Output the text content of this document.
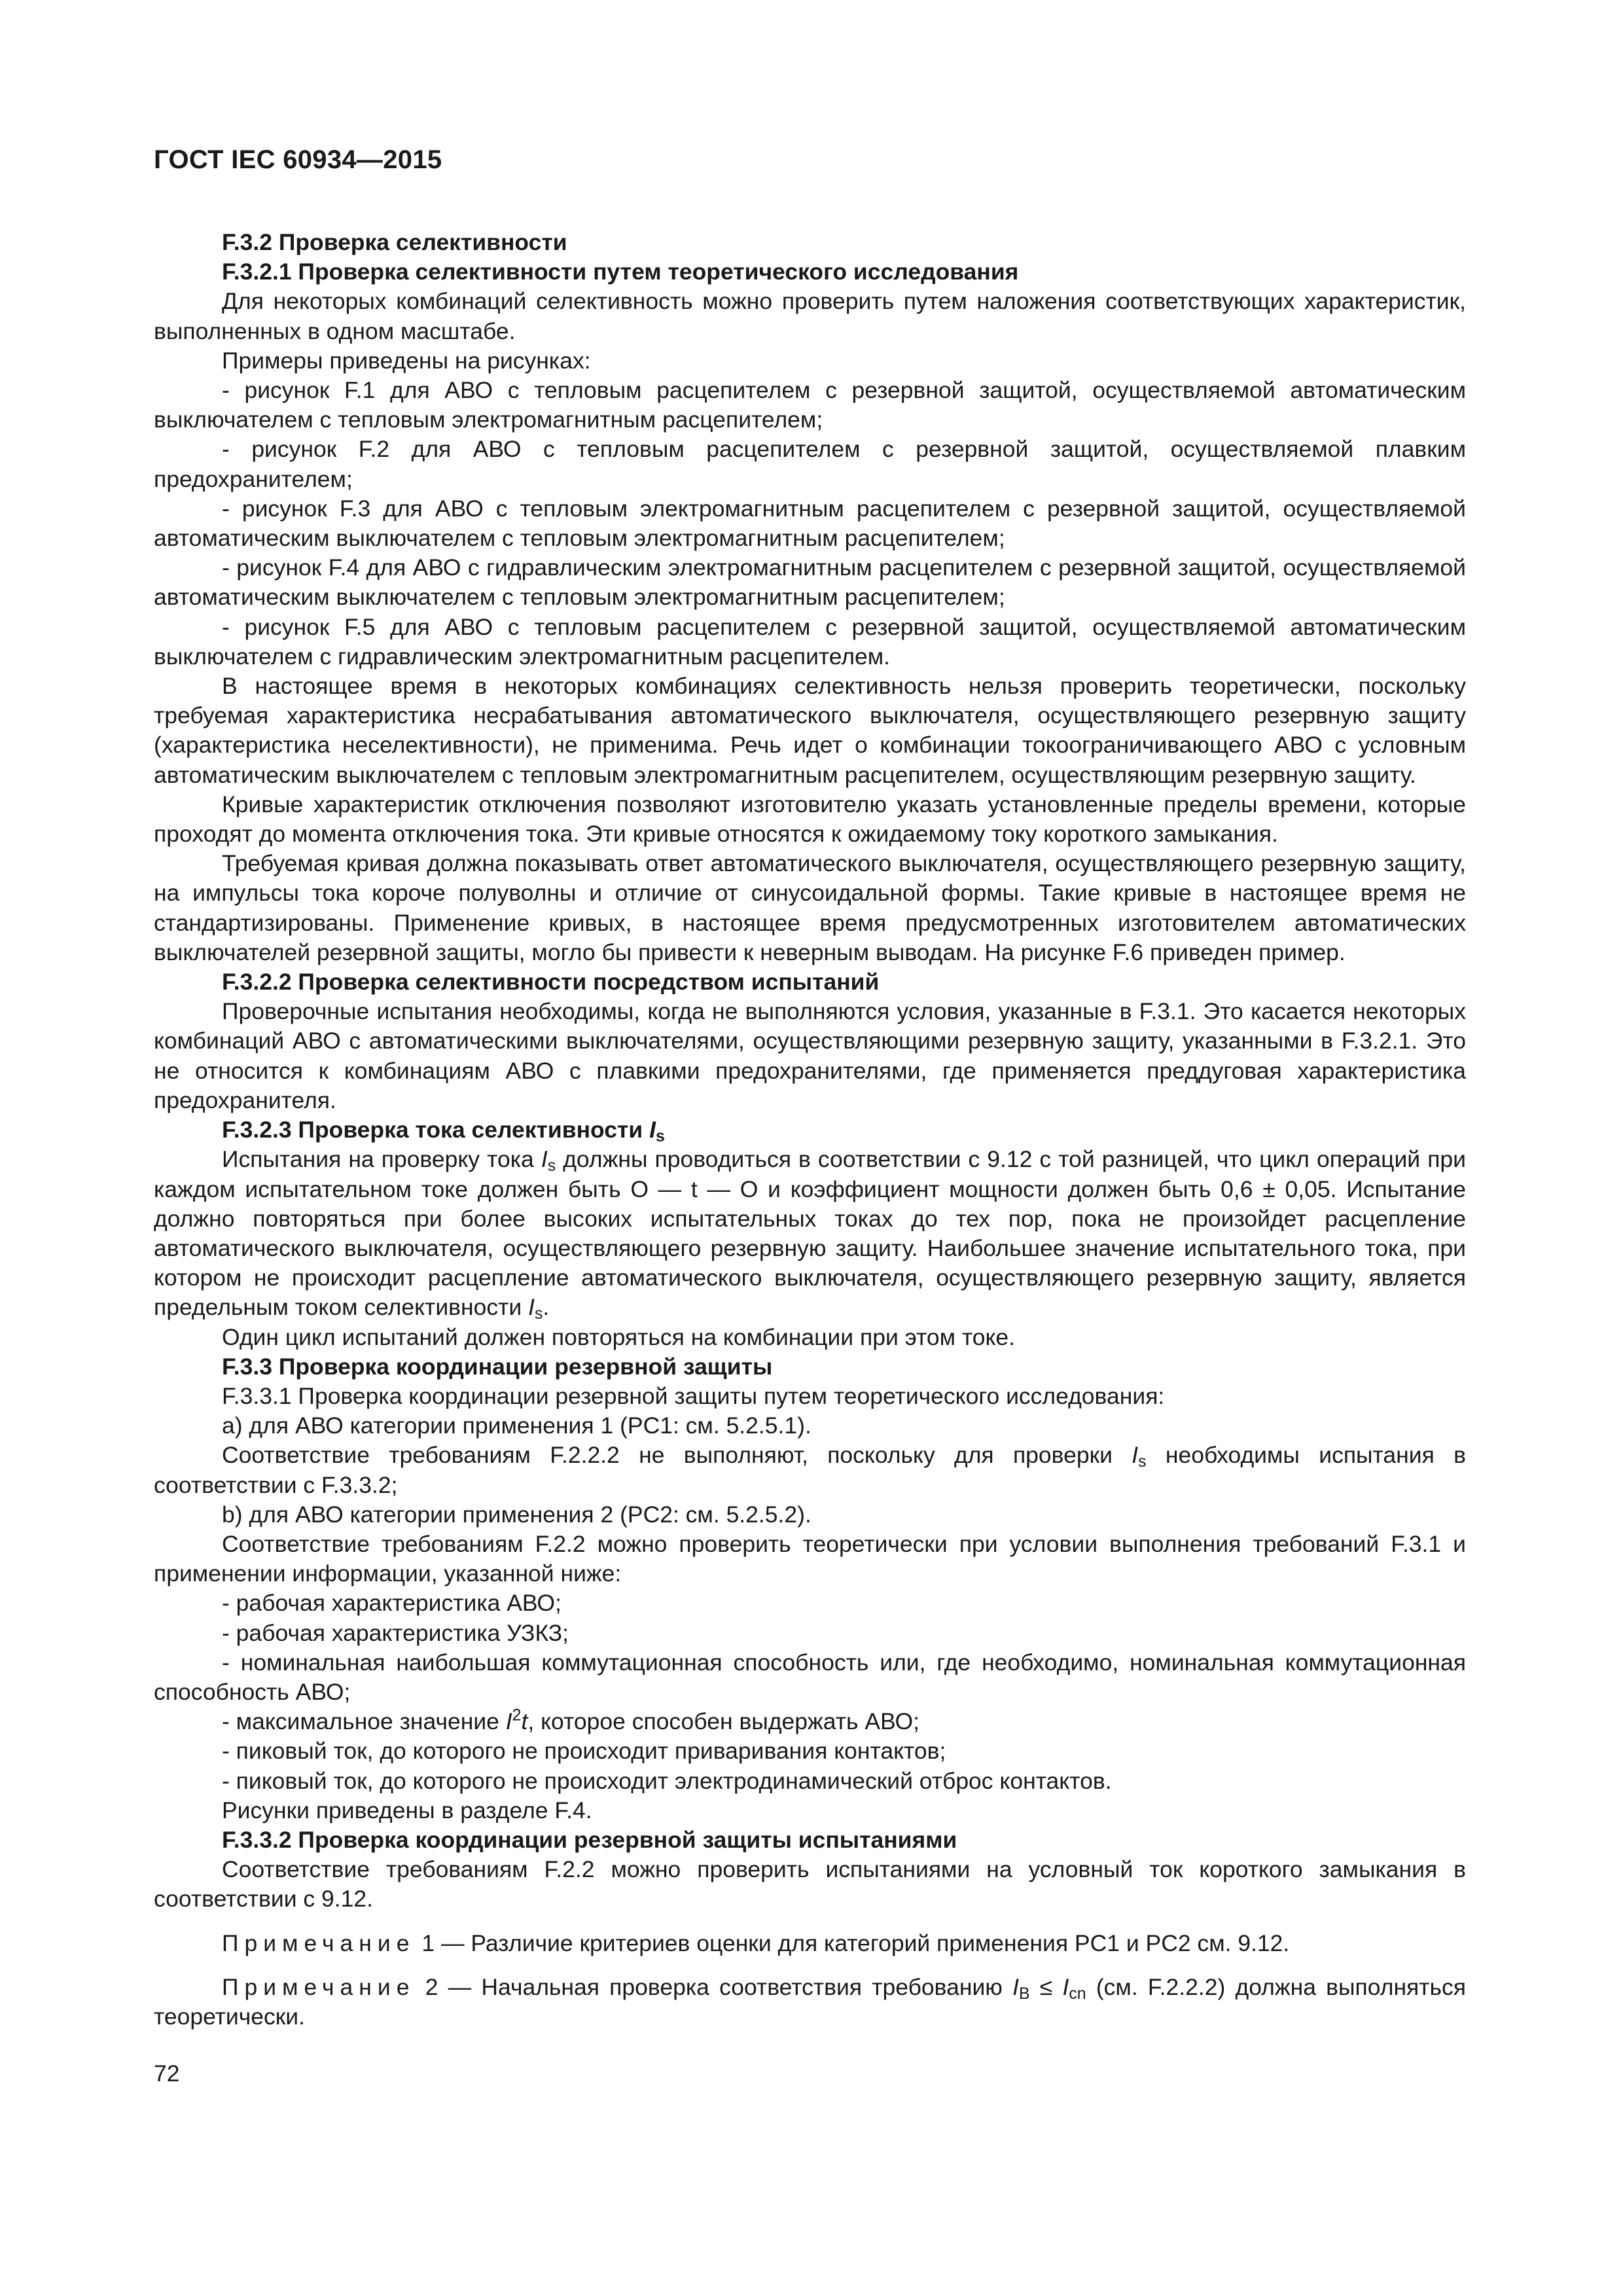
ГОСТ IEC 60934—2015

F.3.2 Проверка селективности

F.3.2.1 Проверка селективности путем теоретического исследования

Для некоторых комбинаций селективность можно проверить путем наложения соответствующих характеристик, выполненных в одном масштабе.

Примеры приведены на рисунках:

- рисунок F.1 для АВО с тепловым расцепителем с резервной защитой, осуществляемой автоматическим выключателем с тепловым электромагнитным расцепителем;

- рисунок F.2 для АВО с тепловым расцепителем с резервной защитой, осуществляемой плавким предохранителем;

- рисунок F.3 для АВО с тепловым электромагнитным расцепителем с резервной защитой, осуществляемой автоматическим выключателем с тепловым электромагнитным расцепителем;

- рисунок F.4 для АВО с гидравлическим электромагнитным расцепителем с резервной защитой, осуществляемой автоматическим выключателем с тепловым электромагнитным расцепителем;

- рисунок F.5 для АВО с тепловым расцепителем с резервной защитой, осуществляемой автоматическим выключателем с гидравлическим электромагнитным расцепителем.

В настоящее время в некоторых комбинациях селективность нельзя проверить теоретически, поскольку требуемая характеристика несрабатывания автоматического выключателя, осуществляющего резервную защиту (характеристика неселективности), не применима. Речь идет о комбинации токоограничивающего АВО с условным автоматическим выключателем с тепловым электромагнитным расцепителем, осуществляющим резервную защиту.

Кривые характеристик отключения позволяют изготовителю указать установленные пределы времени, которые проходят до момента отключения тока. Эти кривые относятся к ожидаемому току короткого замыкания.

Требуемая кривая должна показывать ответ автоматического выключателя, осуществляющего резервную защиту, на импульсы тока короче полуволны и отличие от синусоидальной формы. Такие кривые в настоящее время не стандартизированы. Применение кривых, в настоящее время предусмотренных изготовителем автоматических выключателей резервной защиты, могло бы привести к неверным выводам. На рисунке F.6 приведен пример.

F.3.2.2 Проверка селективности посредством испытаний

Проверочные испытания необходимы, когда не выполняются условия, указанные в F.3.1. Это касается некоторых комбинаций АВО с автоматическими выключателями, осуществляющими резервную защиту, указанными в F.3.2.1. Это не относится к комбинациям АВО с плавкими предохранителями, где применяется преддуговая характеристика предохранителя.

F.3.2.3 Проверка тока селективности $I_s$

Испытания на проверку тока $I_s$ должны проводиться в соответствии с 9.12 с той разницей, что цикл операций при каждом испытательном токе должен быть О — t — О и коэффициент мощности должен быть 0,6 ± 0,05. Испытание должно повторяться при более высоких испытательных токах до тех пор, пока не произойдет расцепление автоматического выключателя, осуществляющего резервную защиту. Наибольшее значение испытательного тока, при котором не происходит расцепление автоматического выключателя, осуществляющего резервную защиту, является предельным током селективности $I_s$.

Один цикл испытаний должен повторяться на комбинации при этом токе.

F.3.3 Проверка координации резервной защиты

F.3.3.1 Проверка координации резервной защиты путем теоретического исследования:

a) для АВО категории применения 1 (PC1: см. 5.2.5.1).

Соответствие требованиям F.2.2.2 не выполняют, поскольку для проверки $I_s$ необходимы испытания в соответствии с F.3.3.2;

b) для АВО категории применения 2 (PC2: см. 5.2.5.2).

Соответствие требованиям F.2.2 можно проверить теоретически при условии выполнения требований F.3.1 и применении информации, указанной ниже:

- рабочая характеристика АВО;

- рабочая характеристика УЗКЗ;

- номинальная наибольшая коммутационная способность или, где необходимо, номинальная коммутационная способность АВО;

- максимальное значение $I^2t$, которое способен выдержать АВО;

- пиковый ток, до которого не происходит приваривания контактов;

- пиковый ток, до которого не происходит электродинамический отброс контактов.

Рисунки приведены в разделе F.4.

F.3.3.2 Проверка координации резервной защиты испытаниями

Соответствие требованиям F.2.2 можно проверить испытаниями на условный ток короткого замыкания в соответствии с 9.12.

Примечание 1 — Различие критериев оценки для категорий применения PC1 и PC2 см. 9.12.

Примечание 2 — Начальная проверка соответствия требованию $I_B \le I_{cn}$ (см. F.2.2.2) должна выполняться теоретически.

72
